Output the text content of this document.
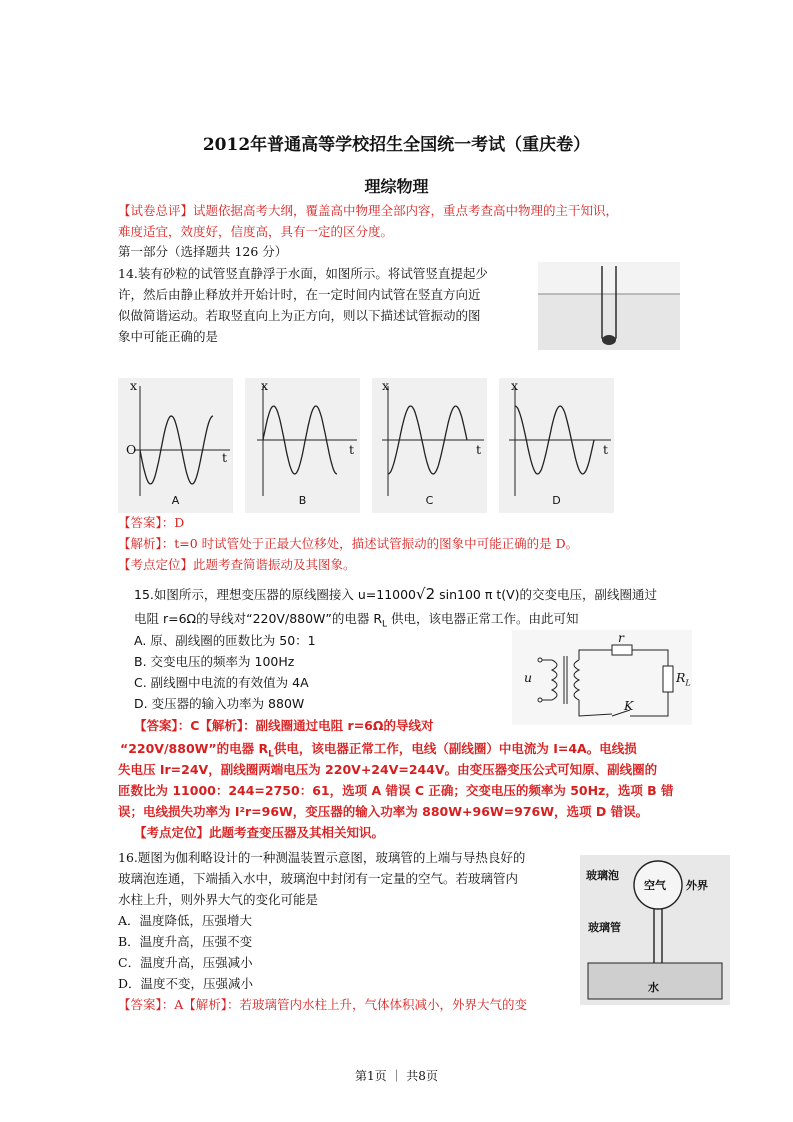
2012年普通高等学校招生全国统一考试（重庆卷）
理综物理
【试卷总评】试题依据高考大纲，覆盖高中物理全部内容，重点考查高中物理的主干知识，
难度适宜，效度好，信度高，具有一定的区分度。
第一部分（选择题共 126 分）
14.装有砂粒的试管竖直静浮于水面，如图所示。将试管竖直提起少
许，然后由静止释放并开始计时，在一定时间内试管在竖直方向近
似做简谐运动。若取竖直向上为正方向，则以下描述试管振动的图
象中可能正确的是
x
O
t
A
x
t
B
x
t
C
x
t
D
【答案】：D
【解析】：t=0 时试管处于正最大位移处，描述试管振动的图象中可能正确的是 D。
【考点定位】此题考查简谐振动及其图象。
15.如图所示，理想变压器的原线圈接入 u=11000√2 sin100 π t(V)的交变电压，副线圈通过
电阻 r=6Ω的导线对“220V/880W”的电器 $R_L$ 供电，该电器正常工作。由此可知
A. 原、副线圈的匝数比为 50：1
B. 交变电压的频率为 100Hz
C. 副线圈中电流的有效值为 4A
D. 变压器的输入功率为 880W
u
r
$R_L$
K
【答案】：C【解析】：副线圈通过电阻 r=6Ω的导线对
“220V/880W”的电器 $R_L$供电，该电器正常工作，电线（副线圈）中电流为 I=4A。电线损
失电压 Ir=24V，副线圈两端电压为 220V+24V=244V。由变压器变压公式可知原、副线圈的
匝数比为 11000：244=2750：61，选项 A 错误 C 正确；交变电压的频率为 50Hz，选项 B 错
误；电线损失功率为 I²r=96W，变压器的输入功率为 880W+96W=976W，选项 D 错误。
【考点定位】此题考查变压器及其相关知识。
16.题图为伽利略设计的一种测温装置示意图，玻璃管的上端与导热良好的
玻璃泡连通，下端插入水中，玻璃泡中封闭有一定量的空气。若玻璃管内
水柱上升，则外界大气的变化可能是
A．温度降低，压强增大
B．温度升高，压强不变
C．温度升高，压强减小
D．温度不变，压强减小
【答案】：A【解析】：若玻璃管内水柱上升，气体体积减小，外界大气的变
玻璃泡
空气 外界
玻璃管
水
第1页 ｜ 共8页
